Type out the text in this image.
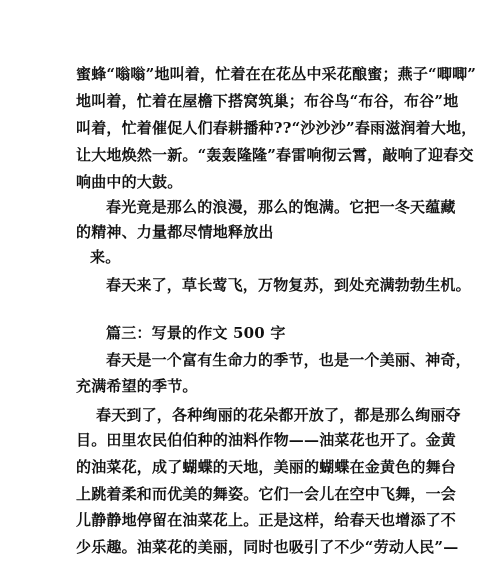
蜜蜂“嗡嗡”地叫着，忙着在在花丛中采花酿蜜；燕子“唧唧”
地叫着，忙着在屋檐下搭窝筑巢；布谷鸟“布谷，布谷”地
叫着，忙着催促人们春耕播种??“沙沙沙”春雨滋润着大地，
让大地焕然一新。“轰轰隆隆”春雷响彻云霄，敲响了迎春交
响曲中的大鼓。
春光竟是那么的浪漫，那么的饱满。它把一冬天蕴藏
的精神、力量都尽情地释放出
来。
春天来了，草长莺飞，万物复苏，到处充满勃勃生机。
篇三：写景的作文 500 字
春天是一个富有生命力的季节，也是一个美丽、神奇，
充满希望的季节。
春天到了，各种绚丽的花朵都开放了，都是那么绚丽夺
目。田里农民伯伯种的油料作物——油菜花也开了。金黄
的油菜花，成了蝴蝶的天地，美丽的蝴蝶在金黄色的舞台
上跳着柔和而优美的舞姿。它们一会儿在空中飞舞，一会
儿静静地停留在油菜花上。正是这样，给春天也增添了不
少乐趣。油菜花的美丽，同时也吸引了不少“劳动人民”—
